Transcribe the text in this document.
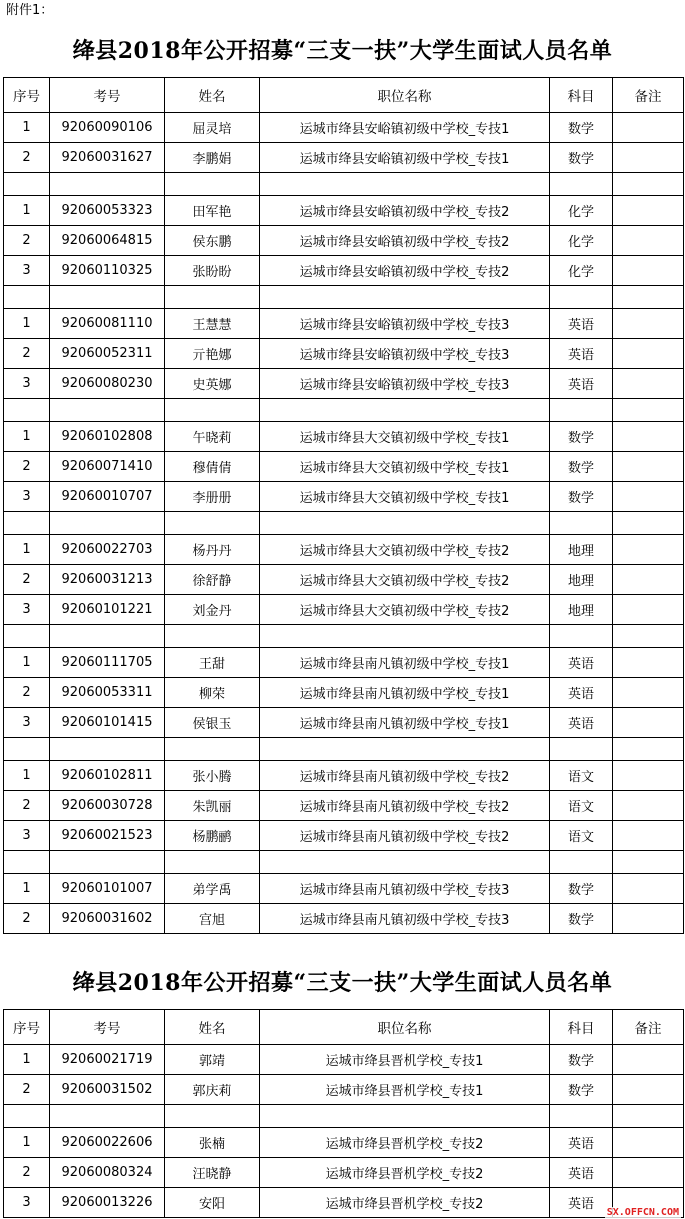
附件1：
绛县2018年公开招募“三支一扶”大学生面试人员名单
序号	考号	姓名	职位名称	科目	备注
1	92060090106	屈灵培	运城市绛县安峪镇初级中学校_专技1	数学	
2	92060031627	李鹏娟	运城市绛县安峪镇初级中学校_专技1	数学	

1	92060053323	田军艳	运城市绛县安峪镇初级中学校_专技2	化学	
2	92060064815	侯东鹏	运城市绛县安峪镇初级中学校_专技2	化学	
3	92060110325	张盼盼	运城市绛县安峪镇初级中学校_专技2	化学	

1	92060081110	王慧慧	运城市绛县安峪镇初级中学校_专技3	英语	
2	92060052311	亓艳娜	运城市绛县安峪镇初级中学校_专技3	英语	
3	92060080230	史英娜	运城市绛县安峪镇初级中学校_专技3	英语	

1	92060102808	午晓莉	运城市绛县大交镇初级中学校_专技1	数学	
2	92060071410	穆倩倩	运城市绛县大交镇初级中学校_专技1	数学	
3	92060010707	李册册	运城市绛县大交镇初级中学校_专技1	数学	

1	92060022703	杨丹丹	运城市绛县大交镇初级中学校_专技2	地理	
2	92060031213	徐舒静	运城市绛县大交镇初级中学校_专技2	地理	
3	92060101221	刘金丹	运城市绛县大交镇初级中学校_专技2	地理	

1	92060111705	王甜	运城市绛县南凡镇初级中学校_专技1	英语	
2	92060053311	柳荣	运城市绛县南凡镇初级中学校_专技1	英语	
3	92060101415	侯银玉	运城市绛县南凡镇初级中学校_专技1	英语	

1	92060102811	张小腾	运城市绛县南凡镇初级中学校_专技2	语文	
2	92060030728	朱凯丽	运城市绛县南凡镇初级中学校_专技2	语文	
3	92060021523	杨鹏鹂	运城市绛县南凡镇初级中学校_专技2	语文	

1	92060101007	弟学禹	运城市绛县南凡镇初级中学校_专技3	数学	
2	92060031602	宫旭	运城市绛县南凡镇初级中学校_专技3	数学	
绛县2018年公开招募“三支一扶”大学生面试人员名单
序号	考号	姓名	职位名称	科目	备注
1	92060021719	郭靖	运城市绛县晋机学校_专技1	数学	
2	92060031502	郭庆莉	运城市绛县晋机学校_专技1	数学	

1	92060022606	张楠	运城市绛县晋机学校_专技2	英语	
2	92060080324	汪晓静	运城市绛县晋机学校_专技2	英语	
3	92060013226	安阳	运城市绛县晋机学校_专技2	英语	
SX.OFFCN.COM
